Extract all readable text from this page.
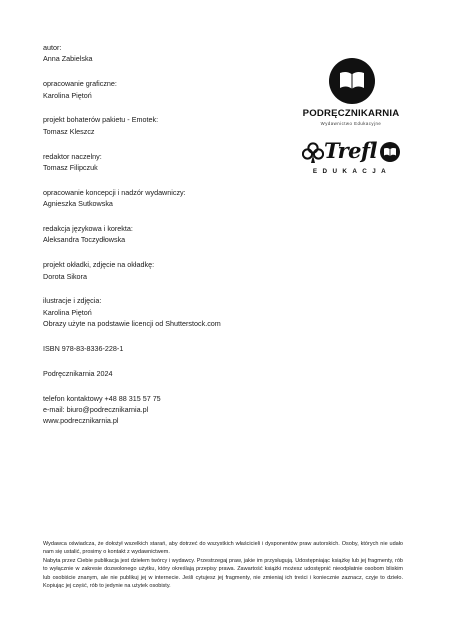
autor:
Anna Zabielska
opracowanie graficzne:
Karolina Piętoń
projekt bohaterów pakietu - Emotek:
Tomasz Kleszcz
redaktor naczelny:
Tomasz Filipczuk
opracowanie koncepcji i nadzór wydawniczy:
Agnieszka Sutkowska
redakcja językowa i korekta:
Aleksandra Toczydłowska
projekt okładki, zdjęcie na okładkę:
Dorota Sikora
ilustracje i zdjęcia:
Karolina Piętoń
Obrazy użyte na podstawie licencji od Shutterstock.com
ISBN 978-83-8336-228-1
Podręcznikarnia 2024
telefon kontaktowy +48 88 315 57 75
e-mail: biuro@podrecznikarnia.pl
www.podrecznikarnia.pl
PODRĘCZNIKARNIA
Wydawnictwo Edukacyjne
Trefl
EDUKACJA

Wydawca oświadcza, że dołożył wszelkich starań, aby dotrzeć do wszystkich właścicieli i dysponentów praw autorskich. Osoby, których nie udało nam się ustalić, prosimy o kontakt z wydawnictwem.

Nabyta przez Ciebie publikacja jest dziełem twórcy i wydawcy. Przestrzegaj praw, jakie im przysługują. Udostępniając książkę lub jej fragmenty, rób to wyłącznie w zakresie dozwolonego użytku, który określają przepisy prawa. Zawartość książki możesz udostępnić nieodpłatnie osobom bliskim lub osobiście znanym, ale nie publikuj jej w internecie. Jeśli cytujesz jej fragmenty, nie zmieniaj ich treści i koniecznie zaznacz, czyje to dzieło. Kopiując jej część, rób to jedynie na użytek osobisty.
